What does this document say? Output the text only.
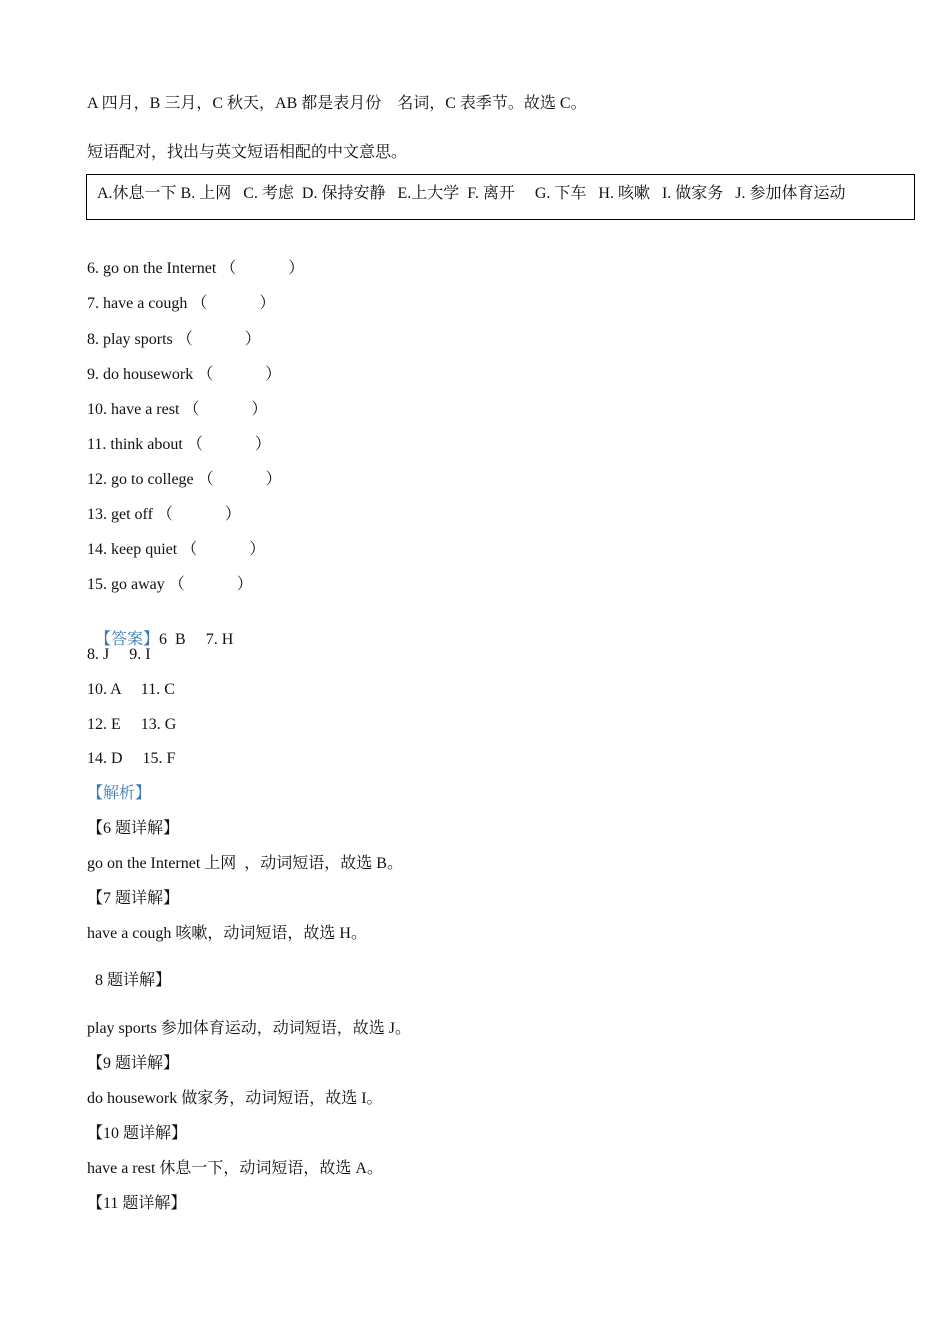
A 四月，B 三月，C 秋天，AB 都是表月份    名词，C 表季节。故选 C。
短语配对，找出与英文短语相配的中文意思。
A.休息一下 B. 上网   C. 考虑  D. 保持安静   E.上大学  F. 离开     G. 下车   H. 咳嗽   I. 做家务   J. 参加体育运动
6. go on the Internet （             ）
7. have a cough （             ）
8. play sports （             ）
9. do housework （             ）
10. have a rest （             ）
11. think about （             ）
12. go to college （             ）
13. get off （             ）
14. keep quiet （             ）
15. go away （             ）

【答案】6  B     7. H

8. J     9. I
10. A     11. C
12. E     13. G
14. D     15. F
【解析】
【6 题详解】
go on the Internet 上网  ，动词短语，故选 B。
【7 题详解】
have a cough 咳嗽，动词短语，故选 H。
8 题详解】
play sports 参加体育运动，动词短语，故选 J。
【9 题详解】
do housework 做家务，动词短语，故选 I。
【10 题详解】
have a rest 休息一下，动词短语，故选 A。
【11 题详解】
